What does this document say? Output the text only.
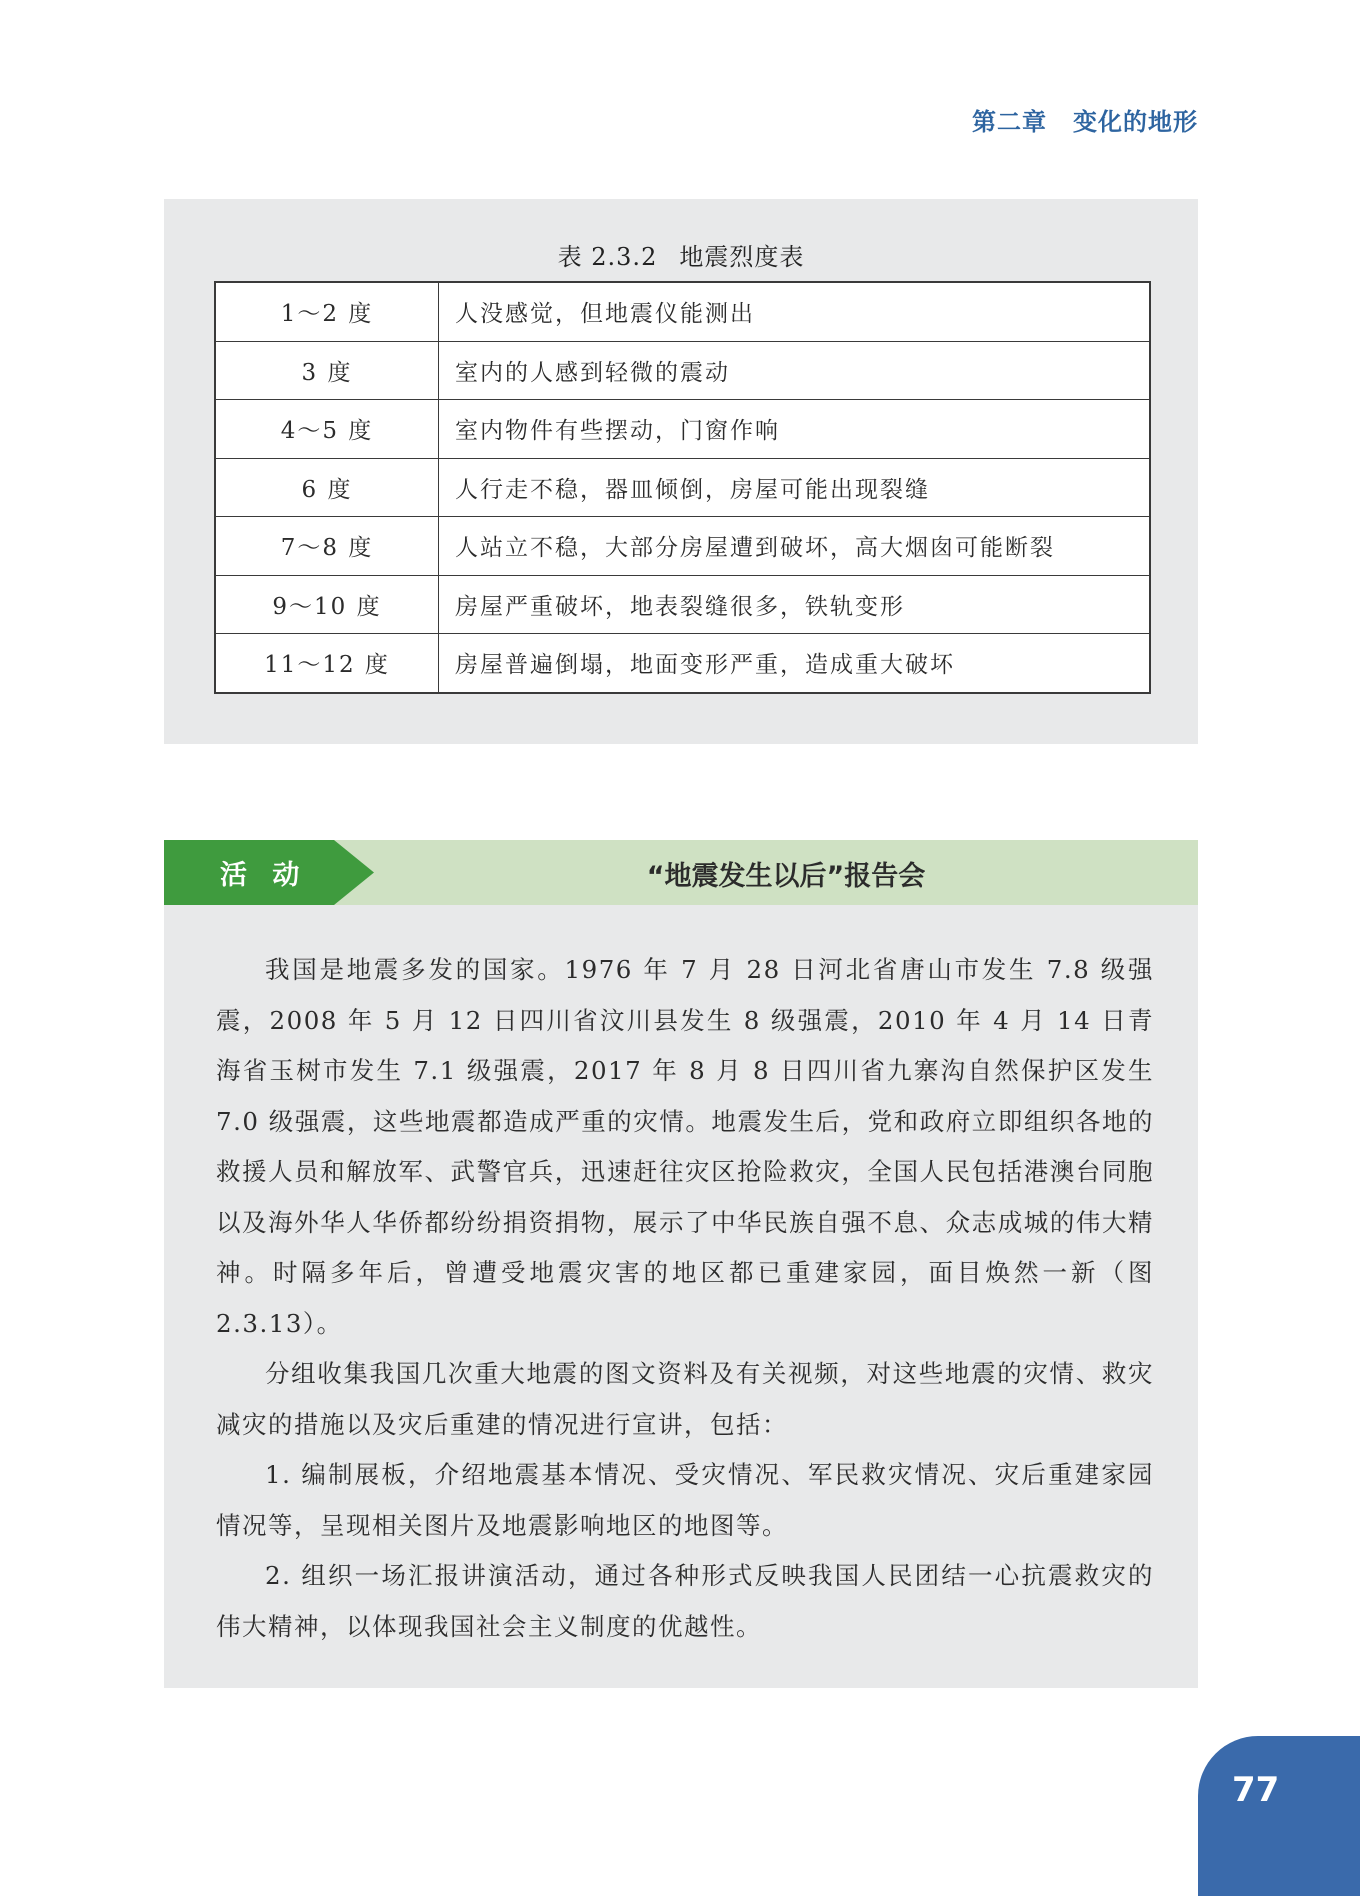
第二章 变化的地形
表 2.3.2 地震烈度表
1～2 度	人没感觉，但地震仪能测出
3 度	室内的人感到轻微的震动
4～5 度	室内物件有些摆动，门窗作响
6 度	人行走不稳，器皿倾倒，房屋可能出现裂缝
7～8 度	人站立不稳，大部分房屋遭到破坏，高大烟囱可能断裂
9～10 度	房屋严重破坏，地表裂缝很多，铁轨变形
11～12 度	房屋普遍倒塌，地面变形严重，造成重大破坏
活 动	“地震发生以后”报告会

我国是地震多发的国家。1976 年 7 月 28 日河北省唐山市发生 7.8 级强震，2008 年 5 月 12 日四川省汶川县发生 8 级强震，2010 年 4 月 14 日青海省玉树市发生 7.1 级强震，2017 年 8 月 8 日四川省九寨沟自然保护区发生 7.0 级强震，这些地震都造成严重的灾情。地震发生后，党和政府立即组织各地的救援人员和解放军、武警官兵，迅速赶往灾区抢险救灾，全国人民包括港澳台同胞以及海外华人华侨都纷纷捐资捐物，展示了中华民族自强不息、众志成城的伟大精神。时隔多年后，曾遭受地震灾害的地区都已重建家园，面目焕然一新（图 2.3.13）。

分组收集我国几次重大地震的图文资料及有关视频，对这些地震的灾情、救灾减灾的措施以及灾后重建的情况进行宣讲，包括：

1. 编制展板，介绍地震基本情况、受灾情况、军民救灾情况、灾后重建家园情况等，呈现相关图片及地震影响地区的地图等。

2. 组织一场汇报讲演活动，通过各种形式反映我国人民团结一心抗震救灾的伟大精神，以体现我国社会主义制度的优越性。

77
